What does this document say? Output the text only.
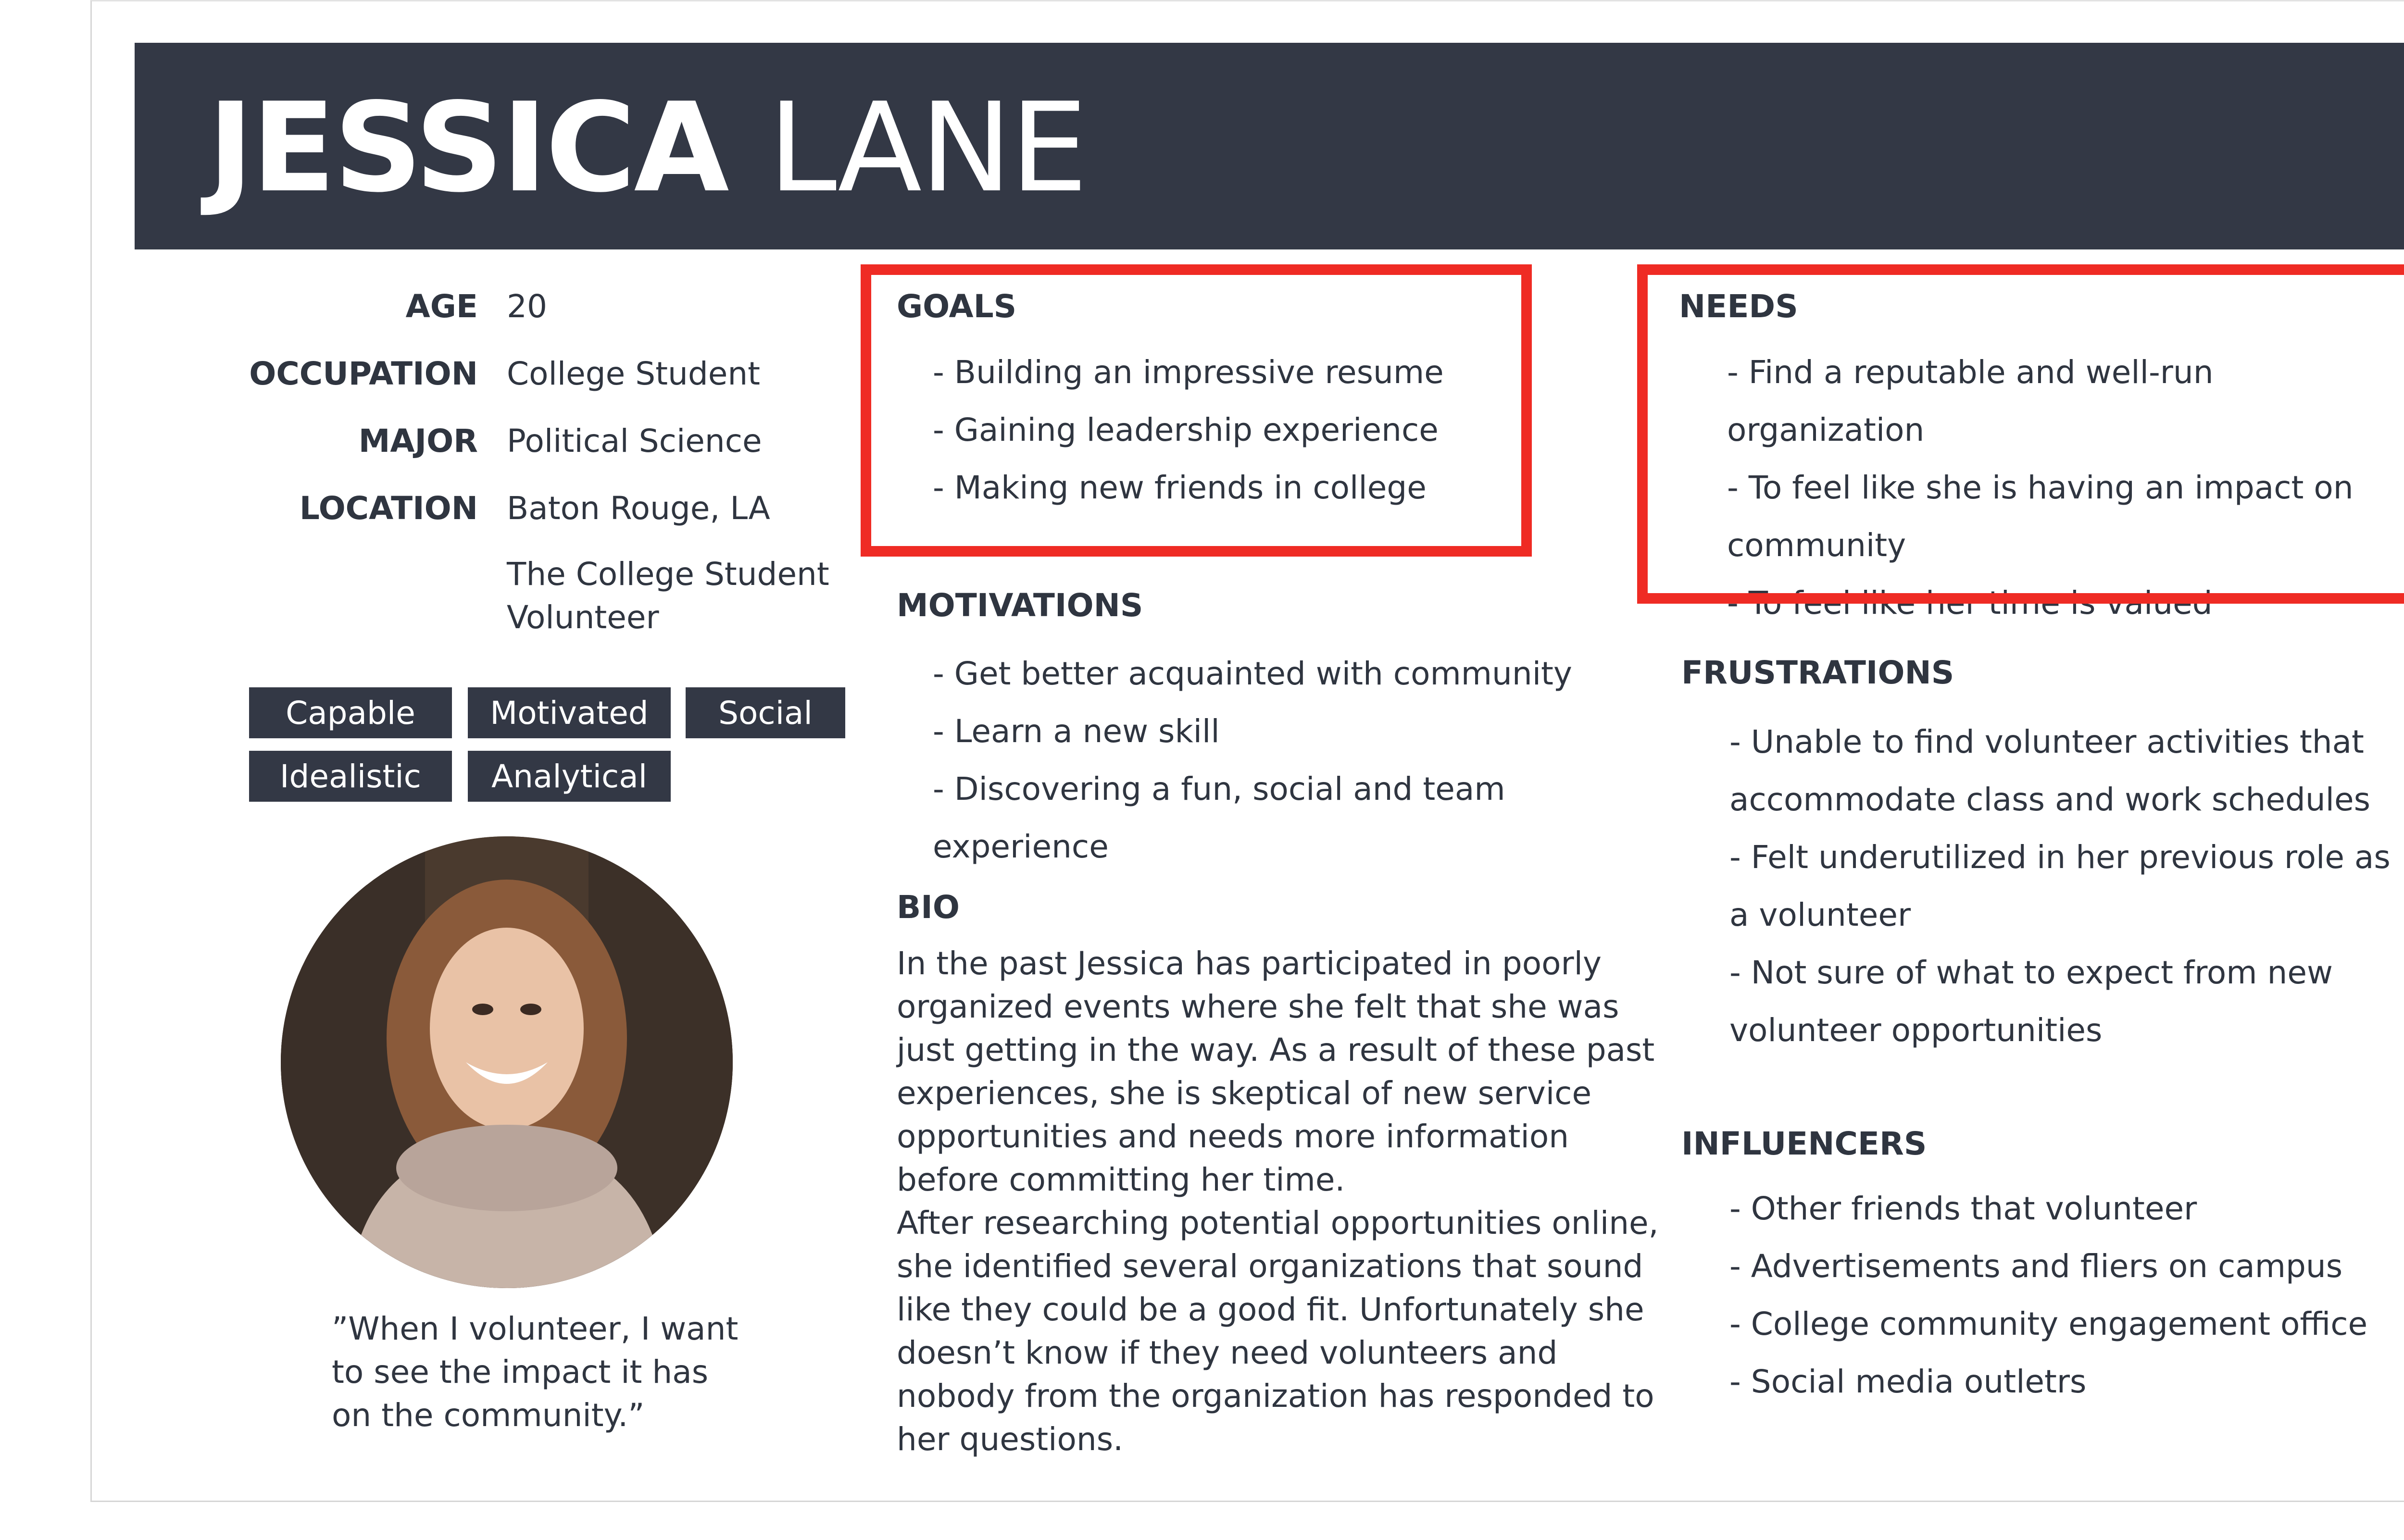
JESSICA LANE
AGE 20
OCCUPATION College Student
MAJOR Political Science
LOCATION Baton Rouge, LA
The College Student Volunteer
Capable	Motivated	Social
Idealistic	Analytical
”When I volunteer, I want to see the impact it has on the community.”
GOALS
- Building an impressive resume
- Gaining leadership experience
- Making new friends in college
MOTIVATIONS
- Get better acquainted with community
- Learn a new skill
- Discovering a fun, social and team experience
BIO
In the past Jessica has participated in poorly organized events where she felt that she was just getting in the way. As a result of these past experiences, she is skeptical of new service opportunities and needs more information before committing her time.
After researching potential opportunities online, she identified several organizations that sound like they could be a good fit. Unfortunately she doesn’t know if they need volunteers and nobody from the organization has responded to her questions.
NEEDS
- Find a reputable and well-run organization
- To feel like she is having an impact on community
- To feel like her time is valued
FRUSTRATIONS
- Unable to find volunteer activities that accommodate class and work schedules
- Felt underutilized in her previous role as a volunteer
- Not sure of what to expect from new volunteer opportunities
INFLUENCERS
- Other friends that volunteer
- Advertisements and fliers on campus
- College community engagement office
- Social media outletrs
